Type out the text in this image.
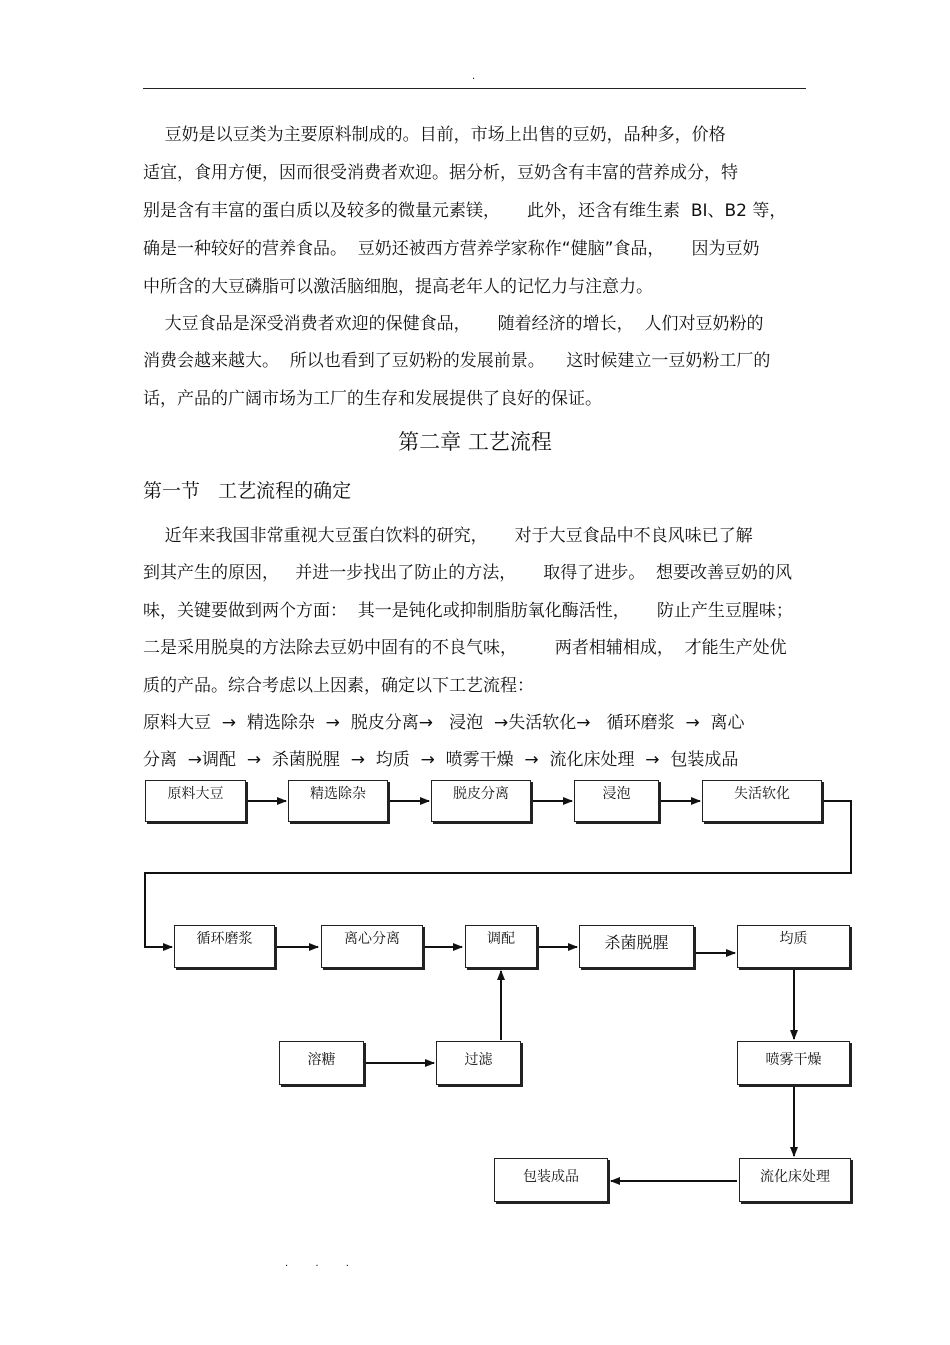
.
豆奶是以豆类为主要原料制成的。目前，市场上出售的豆奶，品种多，价格
适宜，食用方便，因而很受消费者欢迎。据分析，豆奶含有丰富的营养成分，特
别是含有丰富的蛋白质以及较多的微量元素镁，     此外，还含有维生素  BI、B2 等，
确是一种较好的营养食品。  豆奶还被西方营养学家称作“健脑”食品，     因为豆奶
中所含的大豆磷脂可以激活脑细胞，提高老年人的记忆力与注意力。
大豆食品是深受消费者欢迎的保健食品，     随着经济的增长，  人们对豆奶粉的
消费会越来越大。  所以也看到了豆奶粉的发展前景。    这时候建立一豆奶粉工厂的
话，产品的广阔市场为工厂的生存和发展提供了良好的保证。
第二章 工艺流程
第一节   工艺流程的确定
近年来我国非常重视大豆蛋白饮料的研究，     对于大豆食品中不良风味已了解
到其产生的原因，   并进一步找出了防止的方法，     取得了进步。  想要改善豆奶的风
味，关键要做到两个方面：  其一是钝化或抑制脂肪氧化酶活性，     防止产生豆腥味；
二是采用脱臭的方法除去豆奶中固有的不良气味，       两者相辅相成，  才能生产处优
质的产品。综合考虑以上因素，确定以下工艺流程：
原料大豆  →  精选除杂  →  脱皮分离→   浸泡  →失活软化→   循环磨浆  →  离心
分离  →调配  →  杀菌脱腥  →  均质  →  喷雾干燥  →  流化床处理  →  包装成品
原料大豆	精选除杂	脱皮分离	浸泡	失活软化
循环磨浆	离心分离	调配	杀菌脱腥	均质
溶糖	过滤	喷雾干燥
包装成品	流化床处理
. . .
